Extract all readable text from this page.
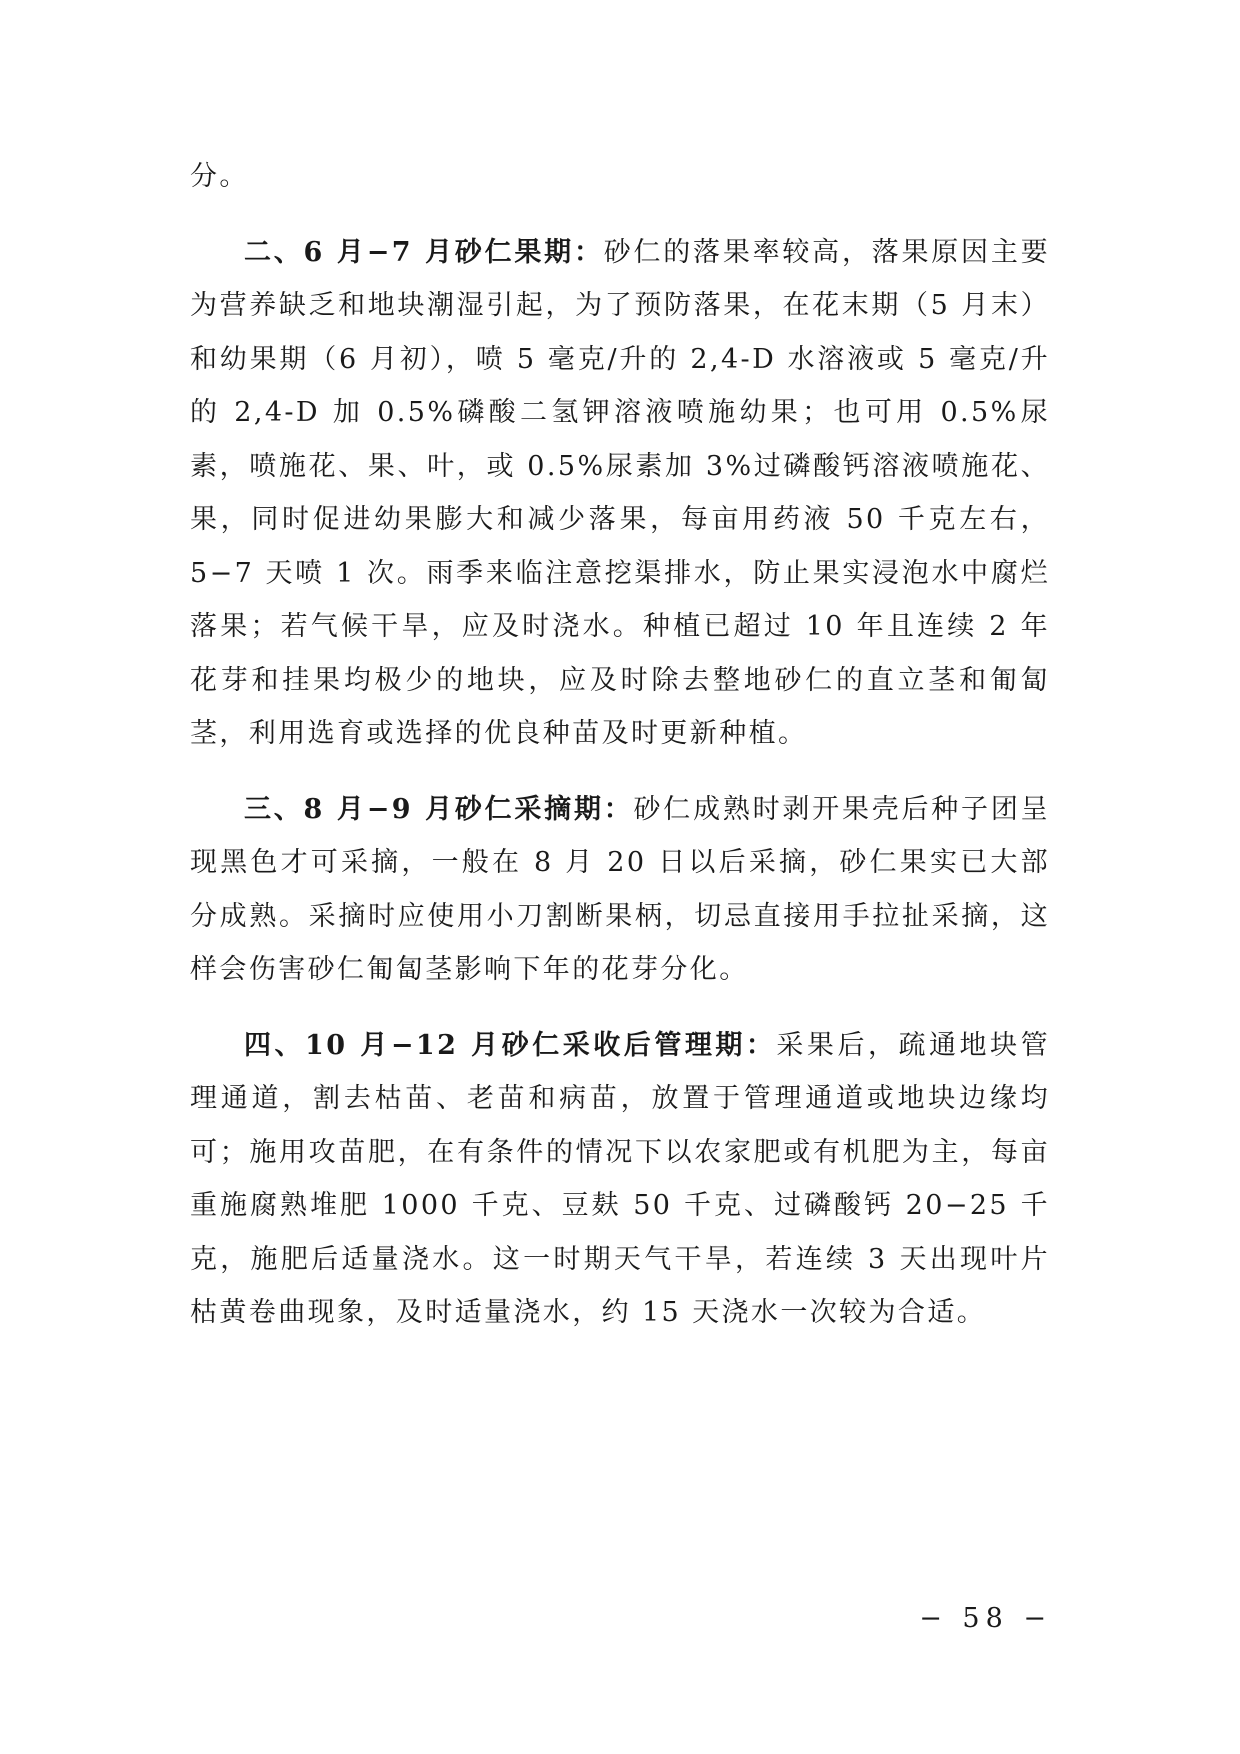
分。

二、6 月−7 月砂仁果期：砂仁的落果率较高，落果原因主要为营养缺乏和地块潮湿引起，为了预防落果，在花末期（5 月末）和幼果期（6 月初），喷 5 毫克/升的 2,4-D 水溶液或 5 毫克/升的 2,4-D 加 0.5%磷酸二氢钾溶液喷施幼果；也可用 0.5%尿素，喷施花、果、叶，或 0.5%尿素加 3%过磷酸钙溶液喷施花、果，同时促进幼果膨大和减少落果，每亩用药液 50 千克左右，5−7 天喷 1 次。雨季来临注意挖渠排水，防止果实浸泡水中腐烂落果；若气候干旱，应及时浇水。种植已超过 10 年且连续 2 年花芽和挂果均极少的地块，应及时除去整地砂仁的直立茎和匍匐茎，利用选育或选择的优良种苗及时更新种植。

三、8 月−9 月砂仁采摘期：砂仁成熟时剥开果壳后种子团呈现黑色才可采摘，一般在 8 月 20 日以后采摘，砂仁果实已大部分成熟。采摘时应使用小刀割断果柄，切忌直接用手拉扯采摘，这样会伤害砂仁匍匐茎影响下年的花芽分化。

四、10 月−12 月砂仁采收后管理期：采果后，疏通地块管理通道，割去枯苗、老苗和病苗，放置于管理通道或地块边缘均可；施用攻苗肥，在有条件的情况下以农家肥或有机肥为主，每亩重施腐熟堆肥 1000 千克、豆麸 50 千克、过磷酸钙 20−25 千克，施肥后适量浇水。这一时期天气干旱，若连续 3 天出现叶片枯黄卷曲现象，及时适量浇水，约 15 天浇水一次较为合适。

− 58 −
